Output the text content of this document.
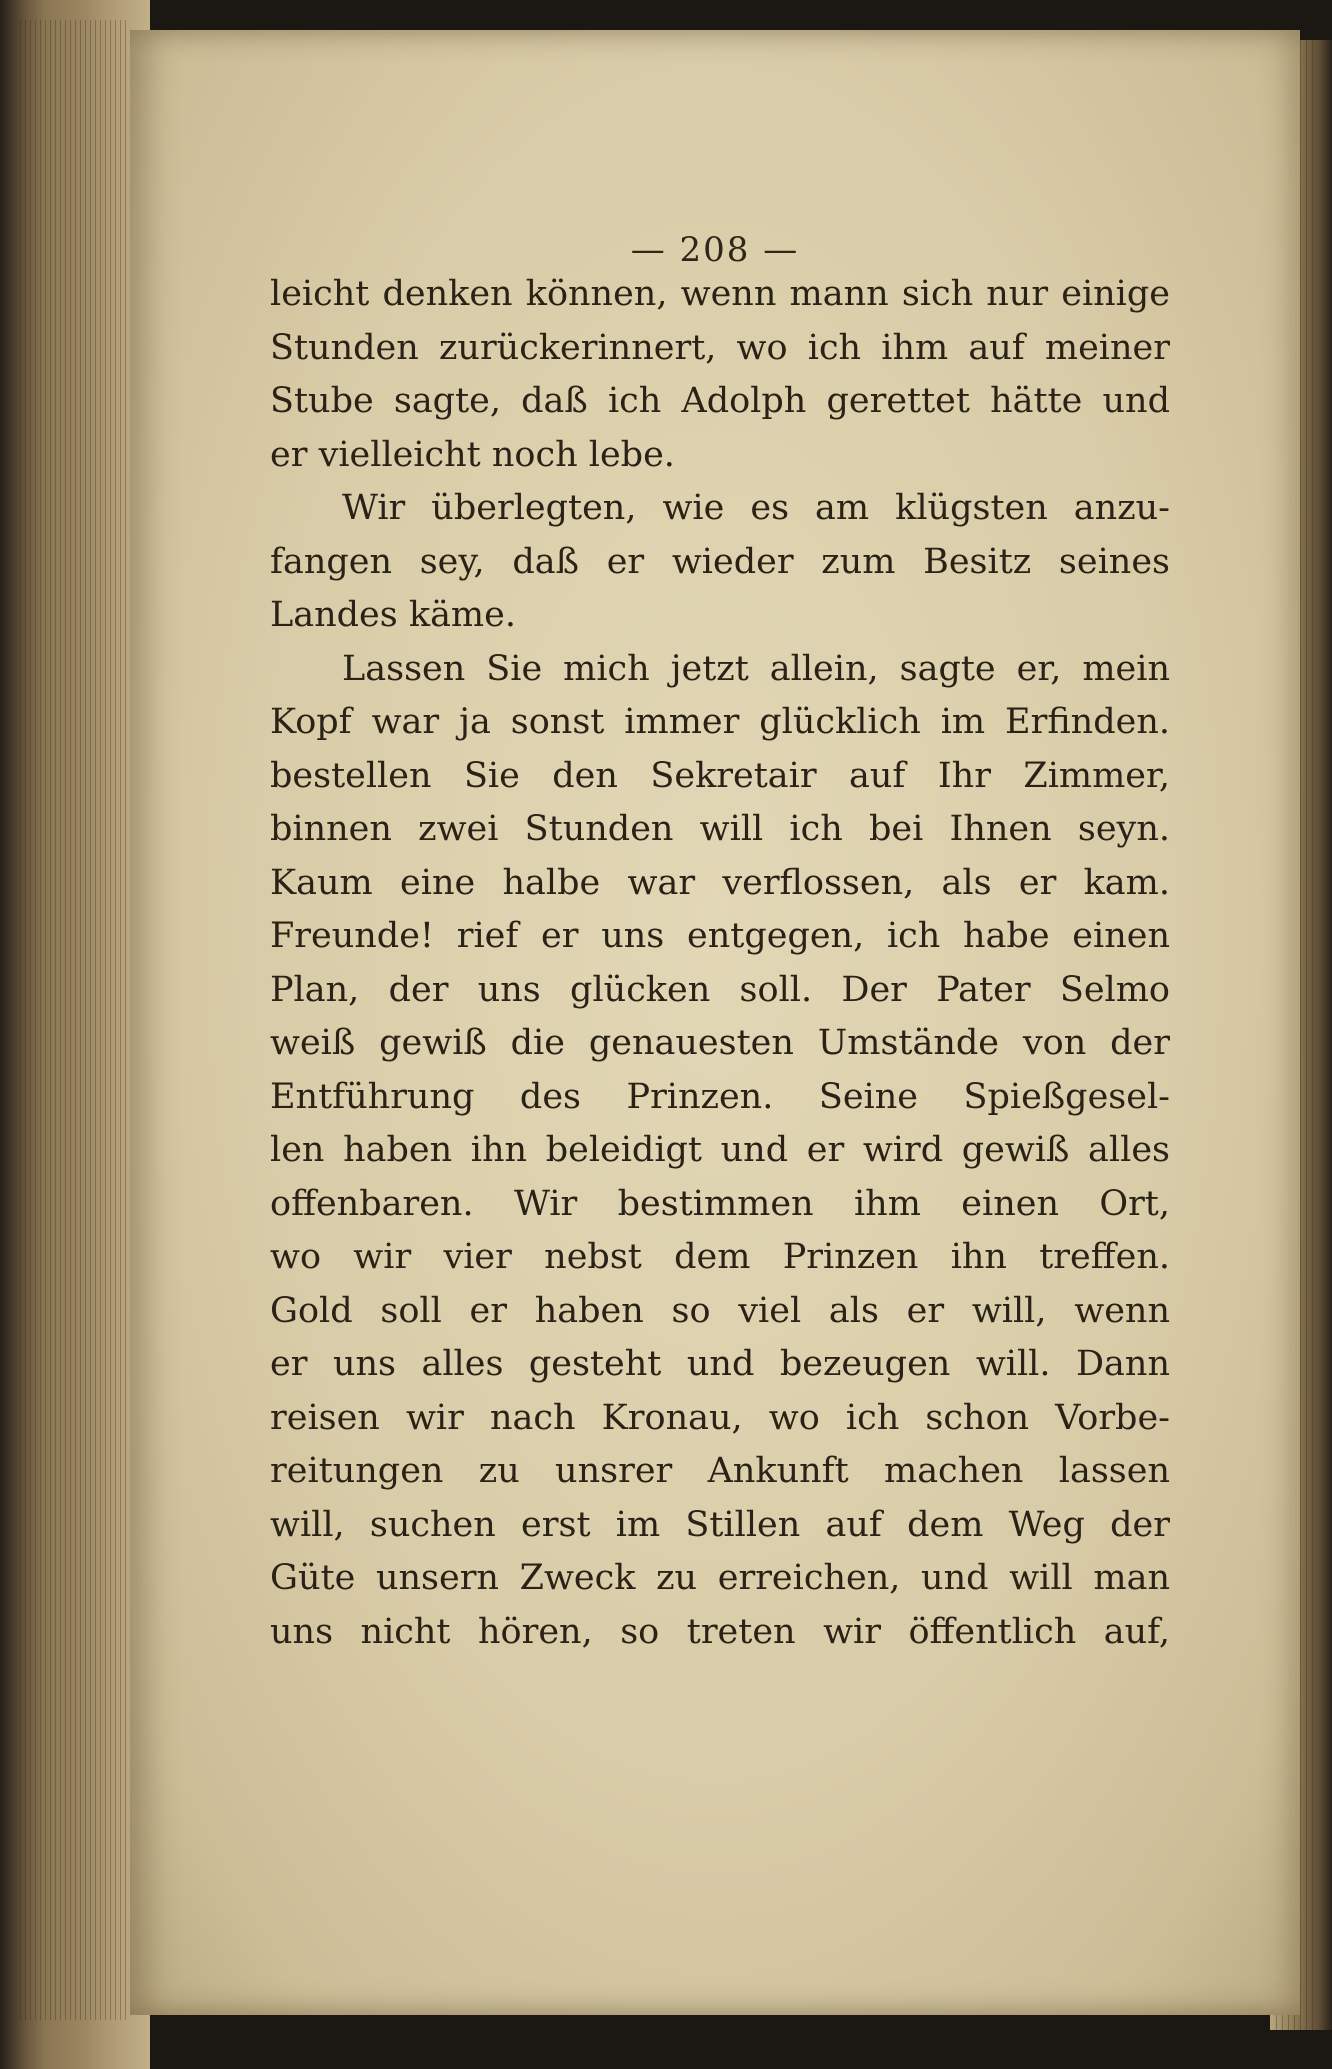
— 208 —
leicht denken können, wenn mann sich nur einige
Stunden zurückerinnert, wo ich ihm auf meiner
Stube sagte, daß ich Adolph gerettet hätte und
er vielleicht noch lebe.
Wir überlegten, wie es am klügsten anzu-
fangen sey, daß er wieder zum Besitz seines
Landes käme.
Lassen Sie mich jetzt allein, sagte er, mein
Kopf war ja sonst immer glücklich im Erfinden.
bestellen Sie den Sekretair auf Ihr Zimmer,
binnen zwei Stunden will ich bei Ihnen seyn.
Kaum eine halbe war verflossen, als er kam.
Freunde! rief er uns entgegen, ich habe einen
Plan, der uns glücken soll. Der Pater Selmo
weiß gewiß die genauesten Umstände von der
Entführung des Prinzen. Seine Spießgesel-
len haben ihn beleidigt und er wird gewiß alles
offenbaren. Wir bestimmen ihm einen Ort,
wo wir vier nebst dem Prinzen ihn treffen.
Gold soll er haben so viel als er will, wenn
er uns alles gesteht und bezeugen will. Dann
reisen wir nach Kronau, wo ich schon Vorbe-
reitungen zu unsrer Ankunft machen lassen
will, suchen erst im Stillen auf dem Weg der
Güte unsern Zweck zu erreichen, und will man
uns nicht hören, so treten wir öffentlich auf,
